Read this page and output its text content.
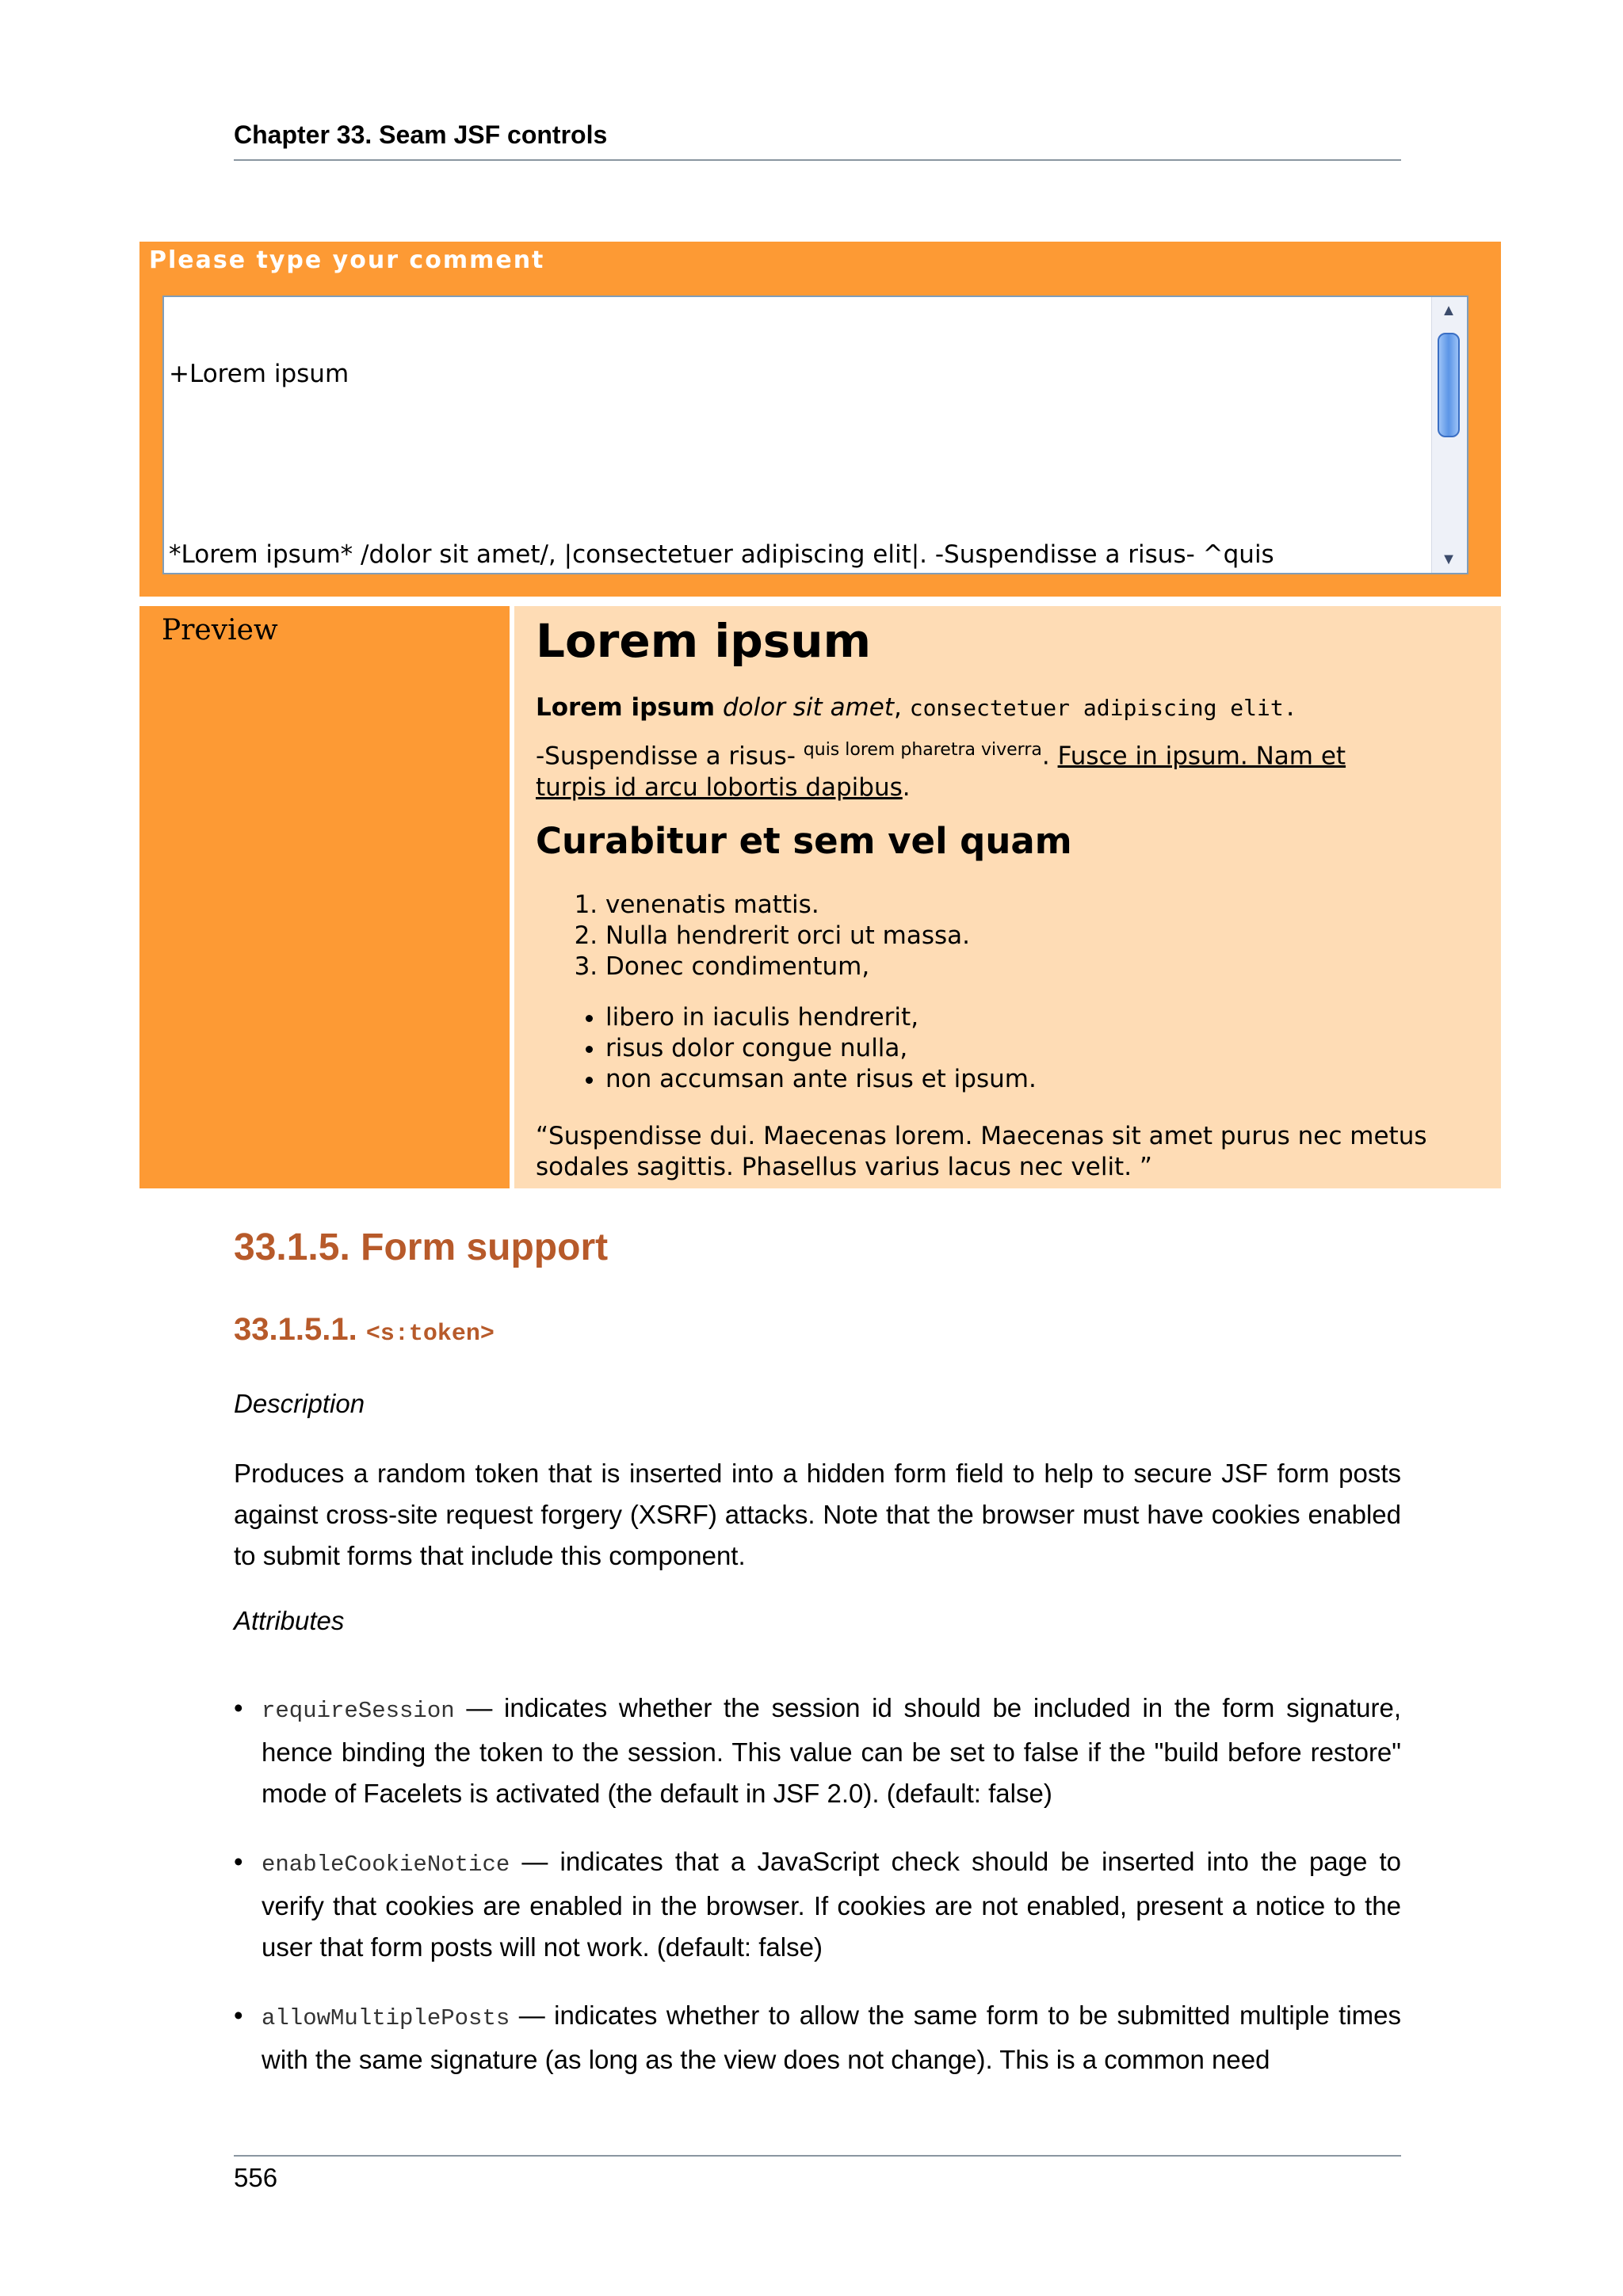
Chapter 33. Seam JSF controls
Please type your comment

+Lorem ipsum

*Lorem ipsum* /dolor sit amet/, |consectetuer adipiscing elit|. -Suspendisse a risus- ^quis

▲
▼
Preview	Lorem ipsum
Lorem ipsum dolor sit amet, consectetuer adipiscing elit.
-Suspendisse a risus- $^{quis lorem pharetra viverra}$. Fusce in ipsum. Nam et
turpis id arcu lobortis dapibus.
Curabitur et sem vel quam
1. venenatis mattis.
2. Nulla hendrerit orci ut massa.
3. Donec condimentum,
• libero in iaculis hendrerit,
• risus dolor congue nulla,
• non accumsan ante risus et ipsum.
“Suspendisse dui. Maecenas lorem. Maecenas sit amet purus nec metus
sodales sagittis. Phasellus varius lacus nec velit. ”
33.1.5. Form support
33.1.5.1. <s:token>
Description
Produces a random token that is inserted into a hidden form field to help to secure JSF form posts against cross-site request forgery (XSRF) attacks. Note that the browser must have cookies enabled to submit forms that include this component.
Attributes
• requireSession — indicates whether the session id should be included in the form signature, hence binding the token to the session. This value can be set to false if the "build before restore" mode of Facelets is activated (the default in JSF 2.0). (default: false)
• enableCookieNotice — indicates that a JavaScript check should be inserted into the page to verify that cookies are enabled in the browser. If cookies are not enabled, present a notice to the user that form posts will not work. (default: false)
• allowMultiplePosts — indicates whether to allow the same form to be submitted multiple times with the same signature (as long as the view does not change). This is a common need
556
